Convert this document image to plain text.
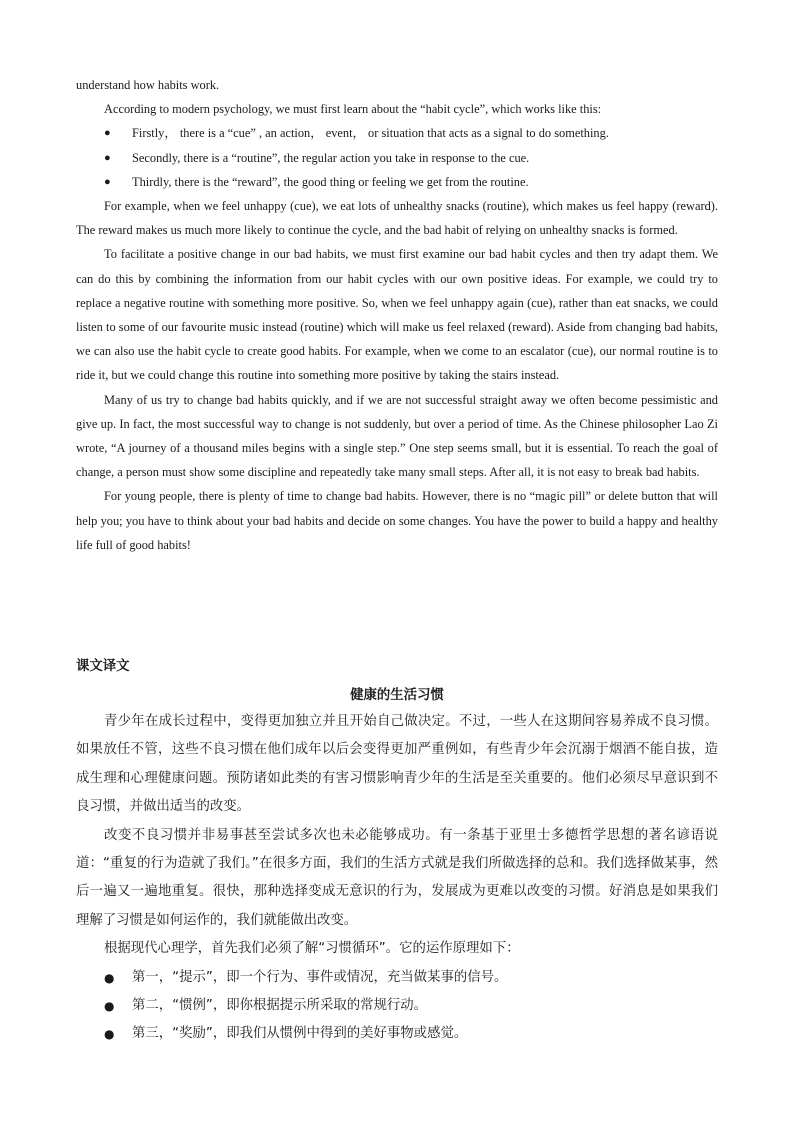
understand how habits work.

According to modern psychology, we must first learn about the “habit cycle”, which works like this:

● Firstly， there is a “cue” , an action， event， or situation that acts as a signal to do something.

● Secondly, there is a “routine”, the regular action you take in response to the cue.

● Thirdly, there is the “reward”, the good thing or feeling we get from the routine.

For example, when we feel unhappy (cue), we eat lots of unhealthy snacks (routine), which makes us feel happy (reward). The reward makes us much more likely to continue the cycle, and the bad habit of relying on unhealthy snacks is formed.

To facilitate a positive change in our bad habits, we must first examine our bad habit cycles and then try adapt them. We can do this by combining the information from our habit cycles with our own positive ideas. For example, we could try to replace a negative routine with something more positive. So, when we feel unhappy again (cue), rather than eat snacks, we could listen to some of our favourite music instead (routine) which will make us feel relaxed (reward). Aside from changing bad habits, we can also use the habit cycle to create good habits. For example, when we come to an escalator (cue), our normal routine is to ride it, but we could change this routine into something more positive by taking the stairs instead.

Many of us try to change bad habits quickly, and if we are not successful straight away we often become pessimistic and give up. In fact, the most successful way to change is not suddenly, but over a period of time. As the Chinese philosopher Lao Zi wrote, “A journey of a thousand miles begins with a single step.” One step seems small, but it is essential. To reach the goal of change, a person must show some discipline and repeatedly take many small steps. After all, it is not easy to break bad habits.

For young people, there is plenty of time to change bad habits. However, there is no “magic pill” or delete button that will help you; you have to think about your bad habits and decide on some changes. You have the power to build a happy and healthy life full of good habits!

课文译文
健康的生活习惯

青少年在成长过程中，变得更加独立并且开始自己做决定。不过，一些人在这期间容易养成不良习惯。如果放任不管，这些不良习惯在他们成年以后会变得更加严重例如，有些青少年会沉溺于烟酒不能自拔，造成生理和心理健康问题。预防诸如此类的有害习惯影响青少年的生活是至关重要的。他们必须尽早意识到不良习惯，并做出适当的改变。

改变不良习惯并非易事甚至尝试多次也未必能够成功。有一条基于亚里士多德哲学思想的著名谚语说道：“重复的行为造就了我们。”在很多方面，我们的生活方式就是我们所做选择的总和。我们选择做某事，然后一遍又一遍地重复。很快，那种选择变成无意识的行为，发展成为更难以改变的习惯。好消息是如果我们理解了习惯是如何运作的，我们就能做出改变。

根据现代心理学，首先我们必须了解“习惯循环”。它的运作原理如下：

● 第一，“提示”，即一个行为、事件或情况，充当做某事的信号。

● 第二，“惯例”，即你根据提示所采取的常规行动。

● 第三，“奖励”，即我们从惯例中得到的美好事物或感觉。
